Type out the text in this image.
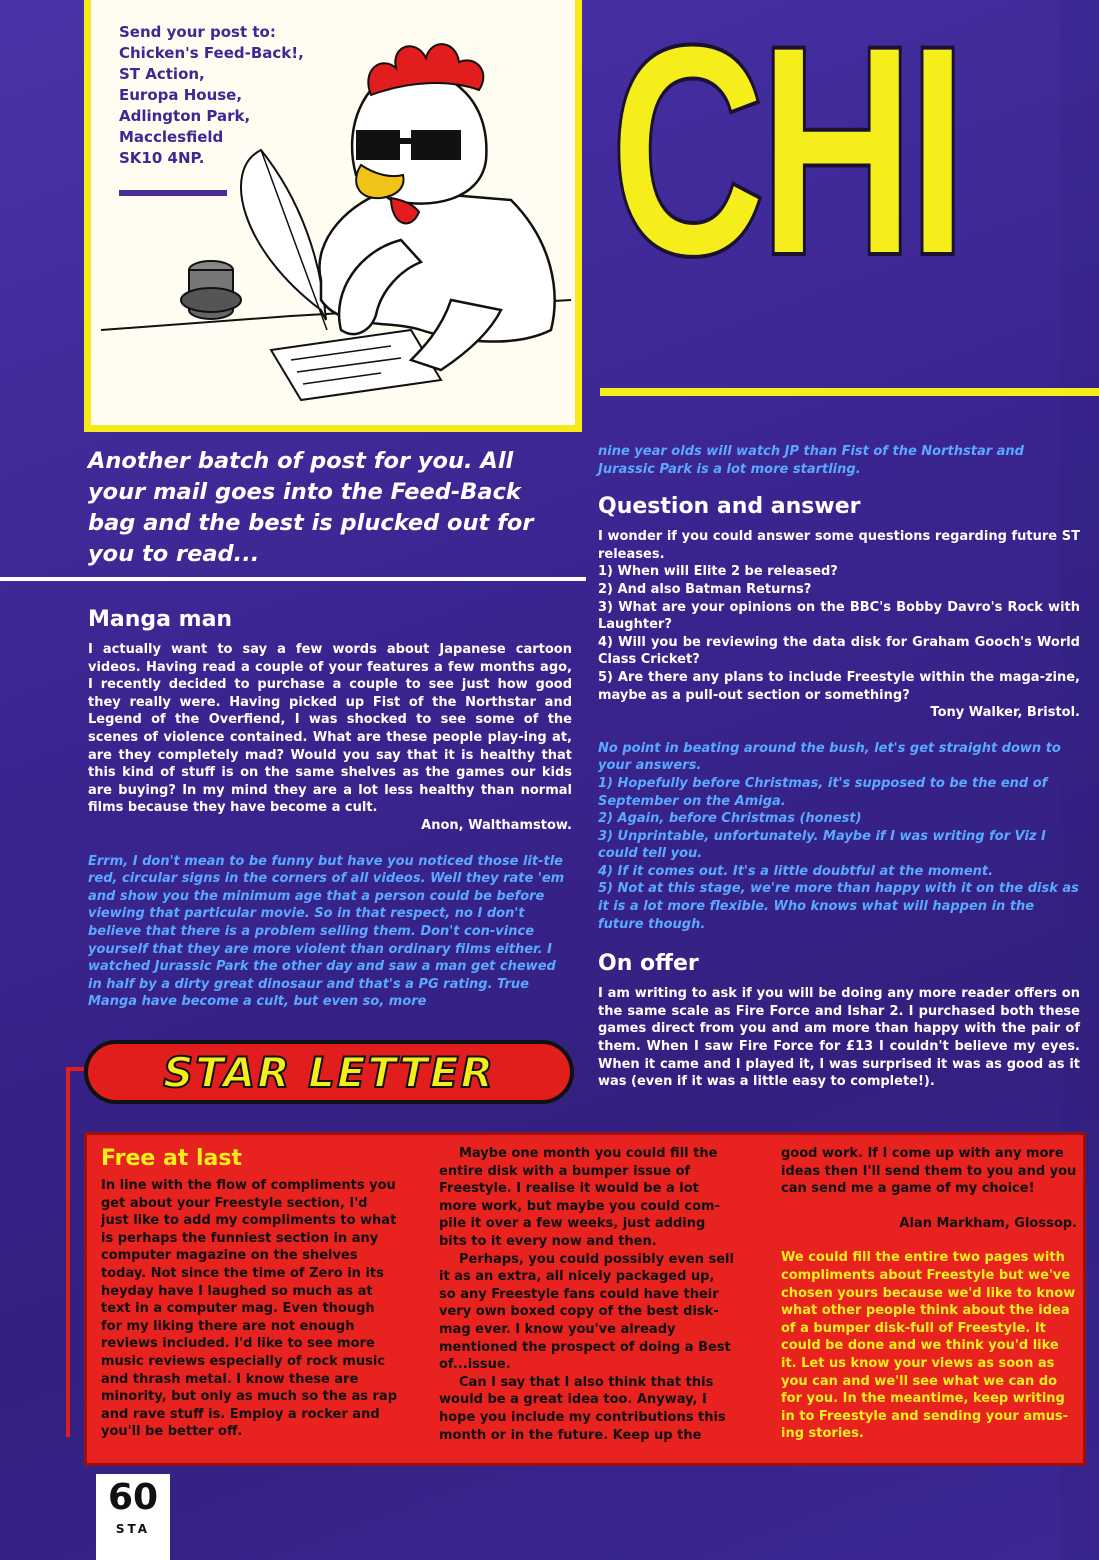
Send your post to:
Chicken's Feed-Back!,
ST Action,
Europa House,
Adlington Park,
Macclesfield
SK10 4NP.	CHI
Another batch of post for you. All your mail goes into the Feed-Back bag and the best is plucked out for you to read...
Manga man

I actually want to say a few words about Japanese cartoon videos. Having read a couple of your features a few months ago, I recently decided to purchase a couple to see just how good they really were. Having picked up Fist of the Northstar and Legend of the Overfiend, I was shocked to see some of the scenes of violence contained. What are these people play-ing at, are they completely mad? Would you say that it is healthy that this kind of stuff is on the same shelves as the games our kids are buying? In my mind they are a lot less healthy than normal films because they have become a cult.

Anon, Walthamstow.

Errm, I don't mean to be funny but have you noticed those lit-tle red, circular signs in the corners of all videos. Well they rate 'em and show you the minimum age that a person could be before viewing that particular movie. So in that respect, no I don't believe that there is a problem selling them. Don't con-vince yourself that they are more violent than ordinary films either. I watched Jurassic Park the other day and saw a man get chewed in half by a dirty great dinosaur and that's a PG rating. True Manga have become a cult, but even so, more

nine year olds will watch JP than Fist of the Northstar and Jurassic Park is a lot more startling.

Question and answer

I wonder if you could answer some questions regarding future ST releases.

1) When will Elite 2 be released?

2) And also Batman Returns?

3) What are your opinions on the BBC's Bobby Davro's Rock with Laughter?

4) Will you be reviewing the data disk for Graham Gooch's World Class Cricket?

5) Are there any plans to include Freestyle within the maga-zine, maybe as a pull-out section or something?

Tony Walker, Bristol.

No point in beating around the bush, let's get straight down to your answers.

1) Hopefully before Christmas, it's supposed to be the end of September on the Amiga.

2) Again, before Christmas (honest)

3) Unprintable, unfortunately. Maybe if I was writing for Viz I could tell you.

4) If it comes out. It's a little doubtful at the moment.

5) Not at this stage, we're more than happy with it on the disk as it is a lot more flexible. Who knows what will happen in the future though.

On offer

I am writing to ask if you will be doing any more reader offers on the same scale as Fire Force and Ishar 2. I purchased both these games direct from you and am more than happy with the pair of them. When I saw Fire Force for £13 I couldn't believe my eyes. When it came and I played it, I was surprised it was as good as it was (even if it was a little easy to complete!).

STAR LETTER
Free at last

In line with the flow of compliments you get about your Freestyle section, I'd just like to add my compliments to what is perhaps the funniest section in any computer magazine on the shelves today. Not since the time of Zero in its heyday have I laughed so much as at text in a computer mag. Even though for my liking there are not enough reviews included. I'd like to see more music reviews especially of rock music and thrash metal. I know these are minority, but only as much so the as rap and rave stuff is. Employ a rocker and you'll be better off.

Maybe one month you could fill the entire disk with a bumper issue of Freestyle. I realise it would be a lot more work, but maybe you could com-pile it over a few weeks, just adding bits to it every now and then.

Perhaps, you could possibly even sell it as an extra, all nicely packaged up, so any Freestyle fans could have their very own boxed copy of the best disk-mag ever. I know you've already mentioned the prospect of doing a Best of...issue.

Can I say that I also think that this would be a great idea too. Anyway, I hope you include my contributions this month or in the future. Keep up the

good work. If I come up with any more ideas then I'll send them to you and you can send me a game of my choice!

Alan Markham, Glossop.

We could fill the entire two pages with compliments about Freestyle but we've chosen yours because we'd like to know what other people think about the idea of a bumper disk-full of Freestyle. It could be done and we think you'd like it. Let us know your views as soon as you can and we'll see what we can do for you. In the meantime, keep writing in to Freestyle and sending your amus-ing stories.

60
STA
